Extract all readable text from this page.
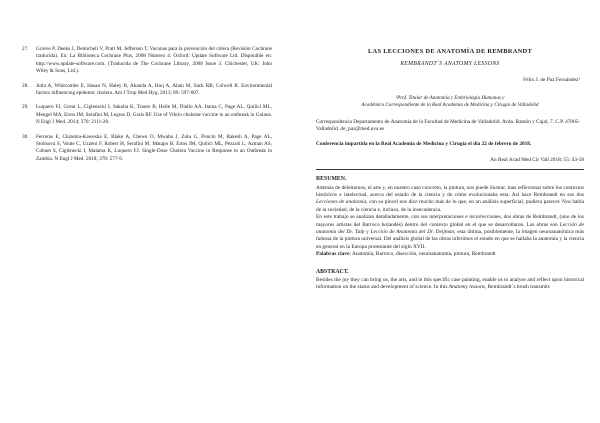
27.	Graves P, Deeks J, Demicheli V, Pratt M, Jefferson T. Vacunas para la prevención del cólera (Revisión Cochrane traducida). En: La Biblioteca Cochrane Plus, 2008 Número 4. Oxford: Update Software Ltd. Disponible en: http://www.update-software.com. (Traducida de The Cochrane Library, 2008 Issue 3. Chichester, UK: John Wiley & Sons, Ltd.).
28.	Jutla A, Whitcombe E, Hasan N, Haley B, Akanda A, Huq A, Alam M, Sack RB, Colwell R. Environmental factors influencing epidemic cholera. Am J Trop Med Hyg. 2013; 89: 597-607.
29.	Luquero FJ, Grout L, Ciglenecki I, Sakoba K, Traore B, Heile M, Diallo AA, Itama C, Page AL, Quilici ML, Mengel MA, Eiros JM, Serafini M, Legros D, Grais RF. Use of Vibrio cholerae vaccine in an outbreak in Guinea. N Engl J Med. 2014; 370: 2111-20.
30.	Ferreras E, Chizema-Kawesha E, Blake A, Chewe O, Mwaba J, Zulu G, Poncin M, Rakesh A, Page AL, Stoitsova S, Voute C, Uzzeni F, Robert H, Serafini M, Matapo B, Eiros JM, Quilici ML, Pezzoli L, Azman AS, Cohuet S, Ciglenecki I, Malama K, Luquero FJ. Single-Dose Cholera Vaccine in Response to an Outbreak in Zambia. N Engl J Med. 2018; 378: 577-9.
LAS LECCIONES DE ANATOMÍA DE REMBRANDT
REMBRANDT´S ANATOMY LESSONS
Félix J. de Paz Fernández¹
¹Prof. Titular de Anatomía y Embriología Humanas y
Académico Correspondiente de la Real Academia de Medicina y Cirugía de Valladolid
Correspondencia Departamento de Anatomía de la Facultad de Medicina de Valladolid. Avda. Ramón y Cajal, 7. C.P. 47005-Valladolid. de_paz@med.uva.es
Conferencia impartida en la Real Academia de Medicina y Cirugía el día 22 de febrero de 2018.
An Real Acad Med Cir Vall 2018; 55: 43-58
RESUMEN.
Además de deleitarnos, el arte y, en nuestro caso concreto, la pintura, nos puede ilustrar, inas reflexionar sobre los contextos históricos e intelectual, acerca del estado de la ciencia y de cómo evolucionaba esta. Así hace Rembrandt en sus dos Lecciones de anatomía, con su pincel nos dice mucho más de lo que, en un análisis superficial, pudiera parecer. Nos habla de la sociedad, de la ciencia e, incluso, de la insecadencia.
En este trabajo se analizan detalladamente, con sus interpretaciones e incorrecciones, dos obras de Rembrandt, (uno de los mayores artistas del Barroco holandés) dentro del contexto global en el que se desarrollaron. Las obras son Lección de anatomía del Dr. Tulp y Lección de Anatomía del Dr. Deijman, esta última, posiblemente, la imagen neuroanatómica más famosa de la pintura universal. Del análisis global de las obras inferimos el estado en que se hallaba la anatomía y la ciencia en general en la Europa protestante del siglo XVII.
Palabras clave: Anatomía, Barroco, disección, neuroanatomía, pintura, Rembrandt
ABSTRACT.
Besides the joy they can bring us, the arts, and in this specific case painting, enable us to analyse and reflect upon historical information on the status and development of science. In this Anatomy lessons, Rembrandt´s brush transmits
